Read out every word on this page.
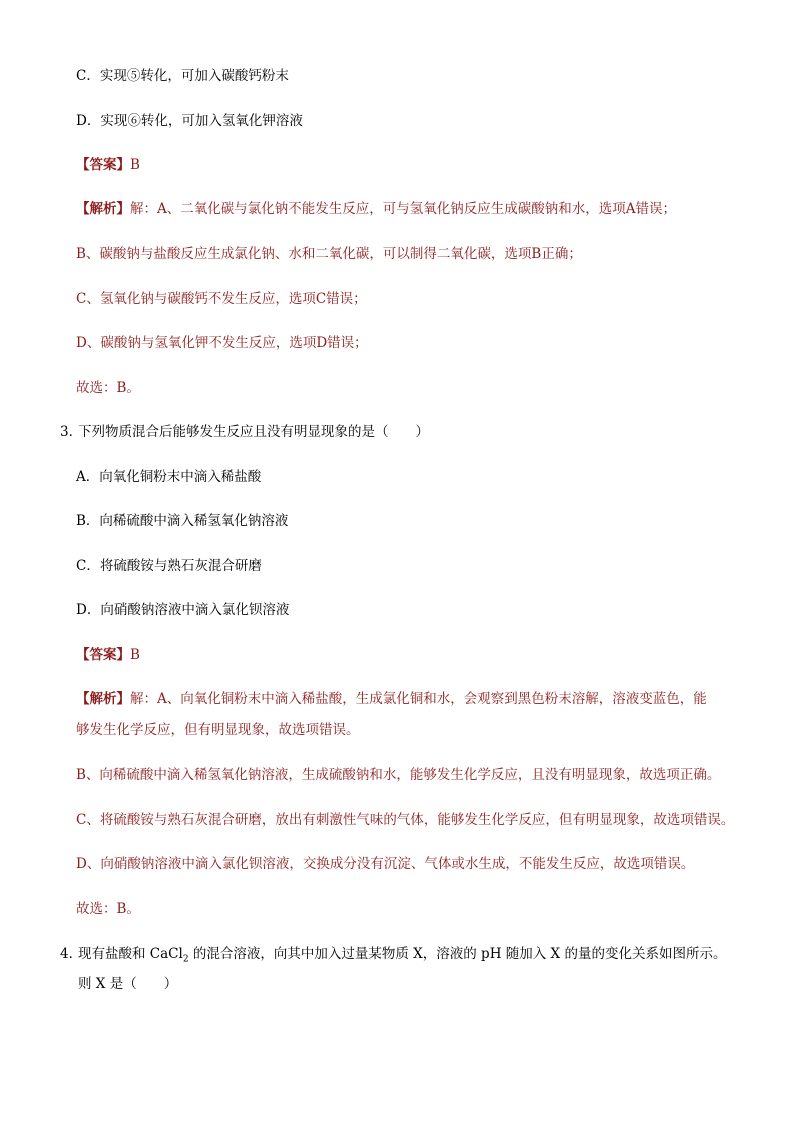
C．实现⑤转化，可加入碳酸钙粉末
D．实现⑥转化，可加入氢氧化钾溶液
【答案】B
【解析】解：A、二氧化碳与氯化钠不能发生反应，可与氢氧化钠反应生成碳酸钠和水，选项A错误；
B、碳酸钠与盐酸反应生成氯化钠、水和二氧化碳，可以制得二氧化碳，选项B正确；
C、氢氧化钠与碳酸钙不发生反应，选项C错误；
D、碳酸钠与氢氧化钾不发生反应，选项D错误；
故选：B。
3．
下列物质混合后能够发生反应且没有明显现象的是（　　）
A．向氧化铜粉末中滴入稀盐酸
B．向稀硫酸中滴入稀氢氧化钠溶液
C．将硫酸铵与熟石灰混合研磨
D．向硝酸钠溶液中滴入氯化钡溶液
【答案】B
【解析】解：A、向氧化铜粉末中滴入稀盐酸，生成氯化铜和水，会观察到黑色粉末溶解，溶液变蓝色，能
够发生化学反应，但有明显现象，故选项错误。
B、向稀硫酸中滴入稀氢氧化钠溶液，生成硫酸钠和水，能够发生化学反应，且没有明显现象，故选项正确。
C、将硫酸铵与熟石灰混合研磨，放出有刺激性气味的气体，能够发生化学反应，但有明显现象，故选项错误。
D、向硝酸钠溶液中滴入氯化钡溶液，交换成分没有沉淀、气体或水生成，不能发生反应，故选项错误。
故选：B。
4．
现有盐酸和 CaCl$_2$ 的混合溶液，向其中加入过量某物质 X，溶液的 pH 随加入 X 的量的变化关系如图所示。
则 X 是（　　）
